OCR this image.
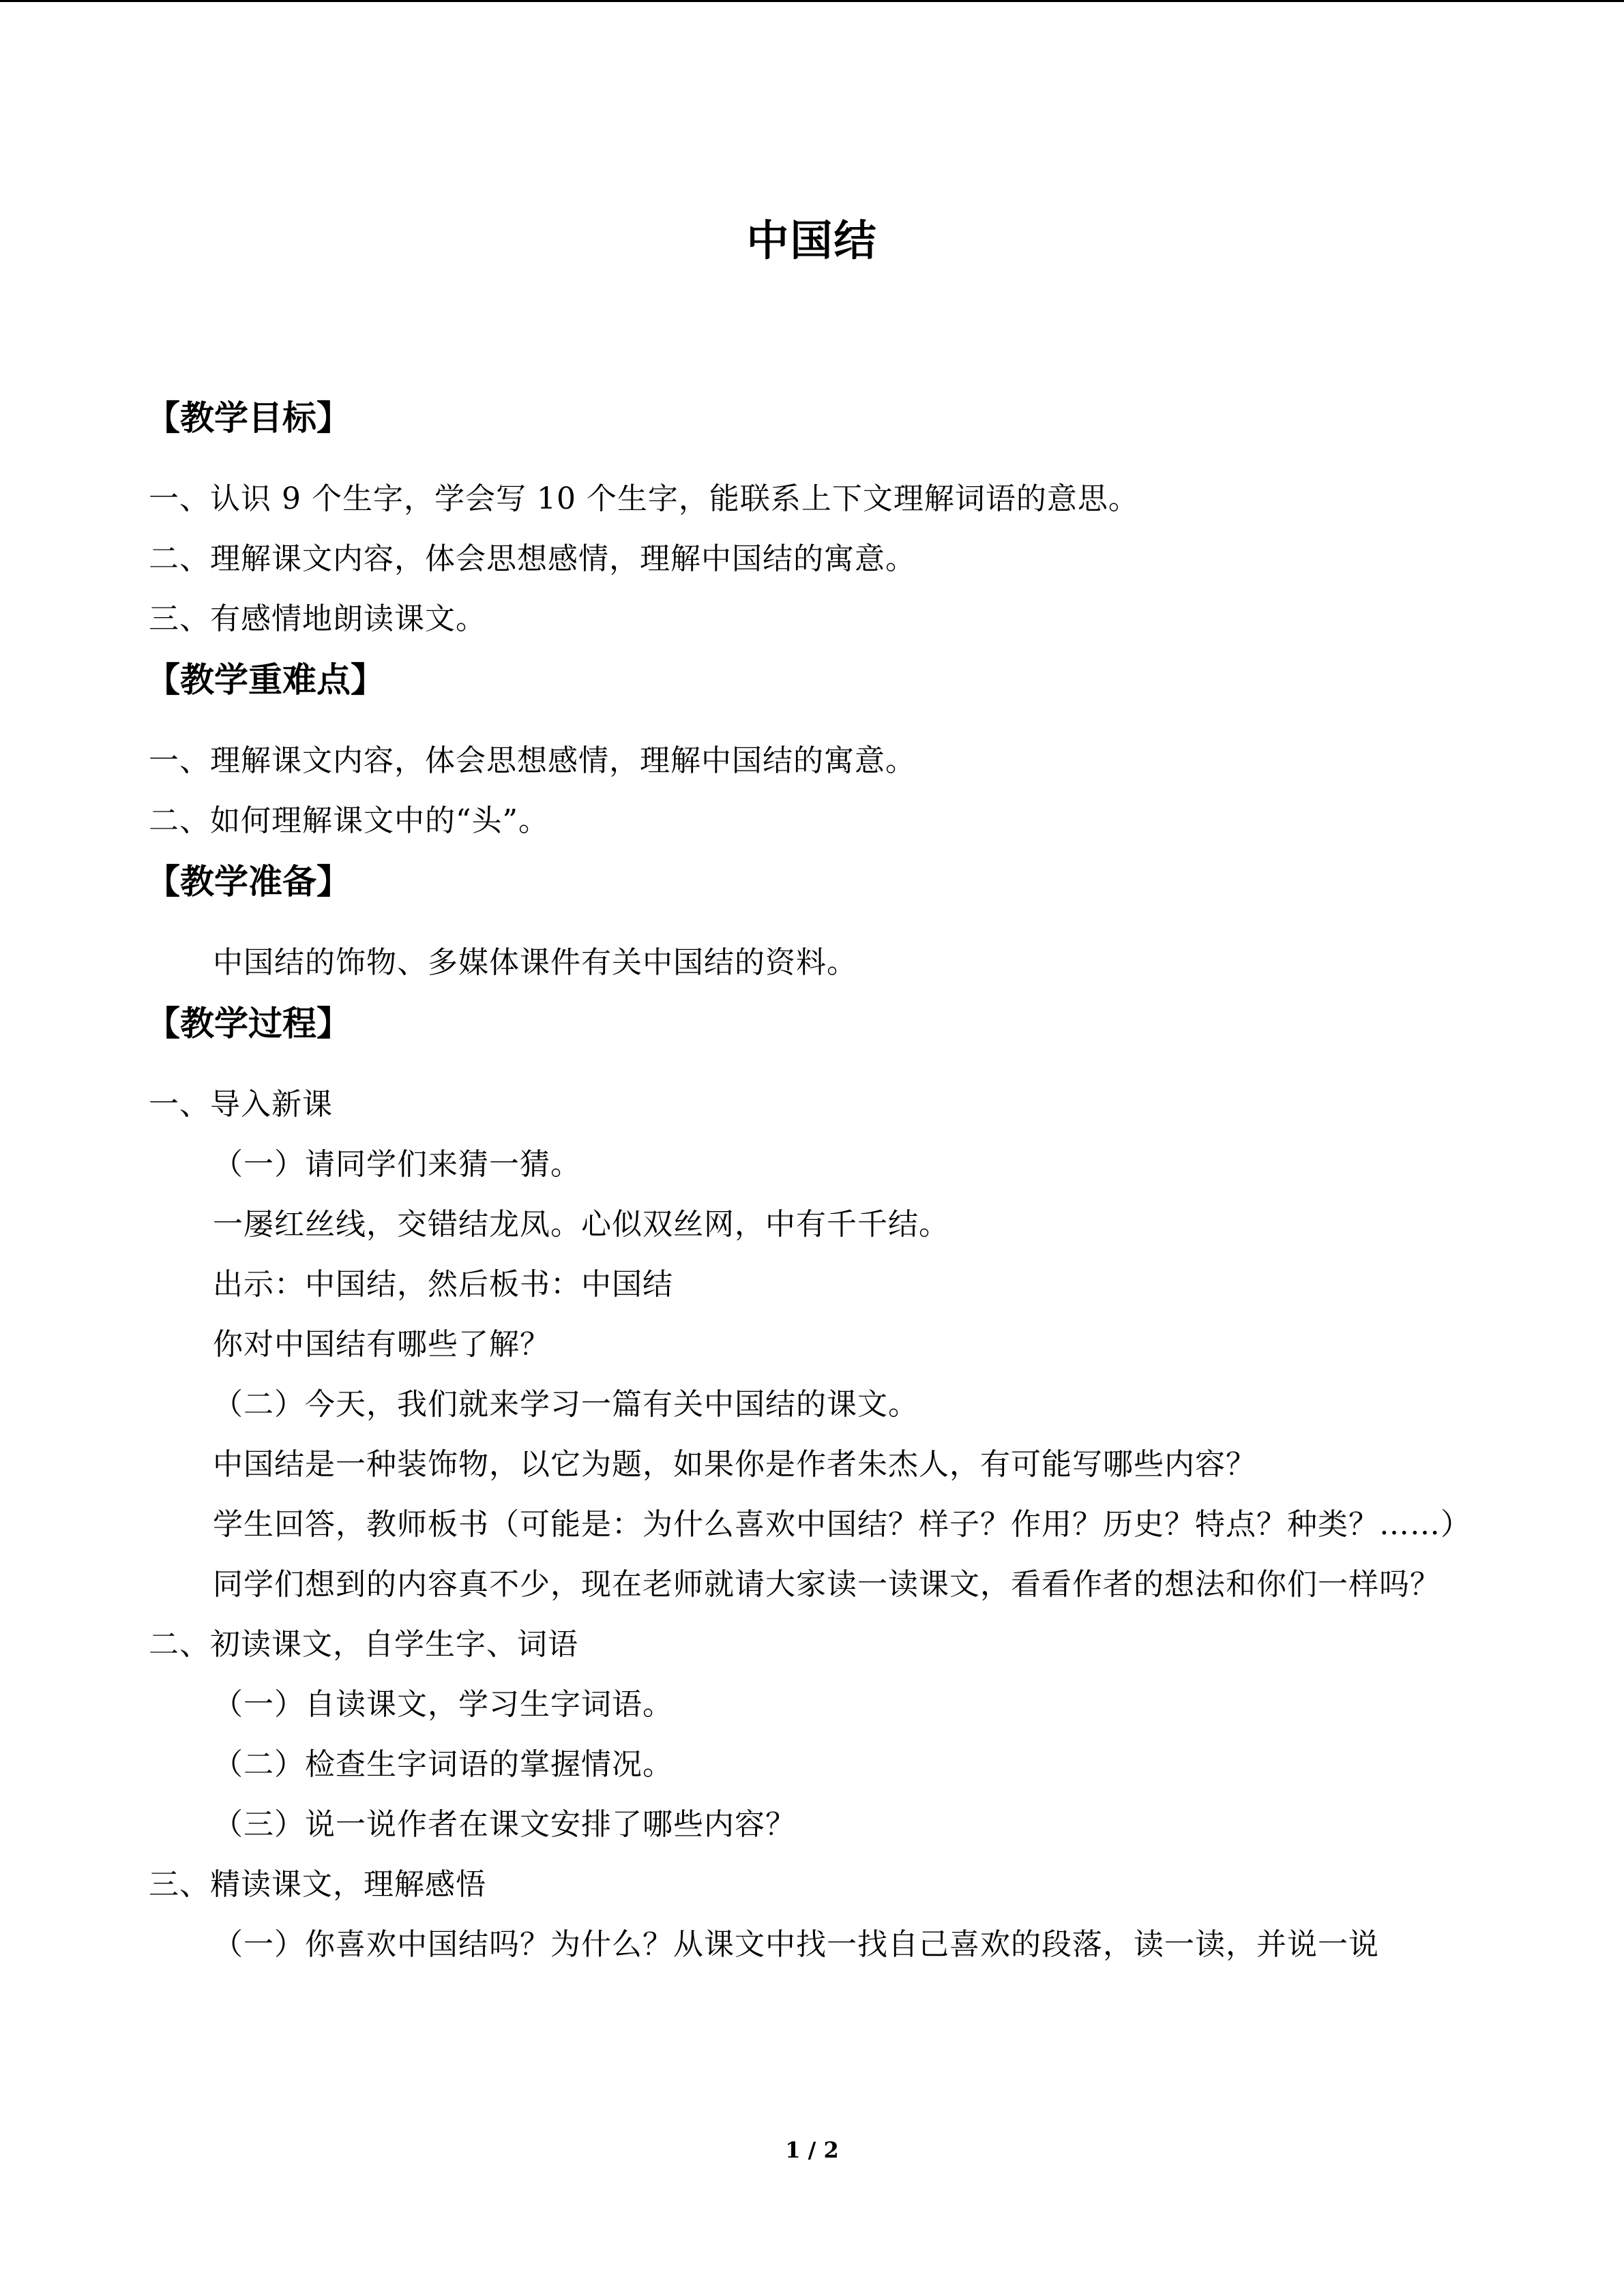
中国结
【教学目标】
一、认识 9 个生字，学会写 10 个生字，能联系上下文理解词语的意思。
二、理解课文内容，体会思想感情，理解中国结的寓意。
三、有感情地朗读课文。
【教学重难点】
一、理解课文内容，体会思想感情，理解中国结的寓意。
二、如何理解课文中的“头”。
【教学准备】
中国结的饰物、多媒体课件有关中国结的资料。
【教学过程】
一、导入新课
（一）请同学们来猜一猜。
一屡红丝线，交错结龙凤。心似双丝网，中有千千结。
出示：中国结，然后板书：中国结
你对中国结有哪些了解？
（二）今天，我们就来学习一篇有关中国结的课文。
中国结是一种装饰物，以它为题，如果你是作者朱杰人，有可能写哪些内容？
学生回答，教师板书（可能是：为什么喜欢中国结？样子？作用？历史？特点？种类？……）
同学们想到的内容真不少，现在老师就请大家读一读课文，看看作者的想法和你们一样吗？
二、初读课文，自学生字、词语
（一）自读课文，学习生字词语。
（二）检查生字词语的掌握情况。
（三）说一说作者在课文安排了哪些内容？
三、精读课文，理解感悟
（一）你喜欢中国结吗？为什么？从课文中找一找自己喜欢的段落，读一读，并说一说
1 / 2
